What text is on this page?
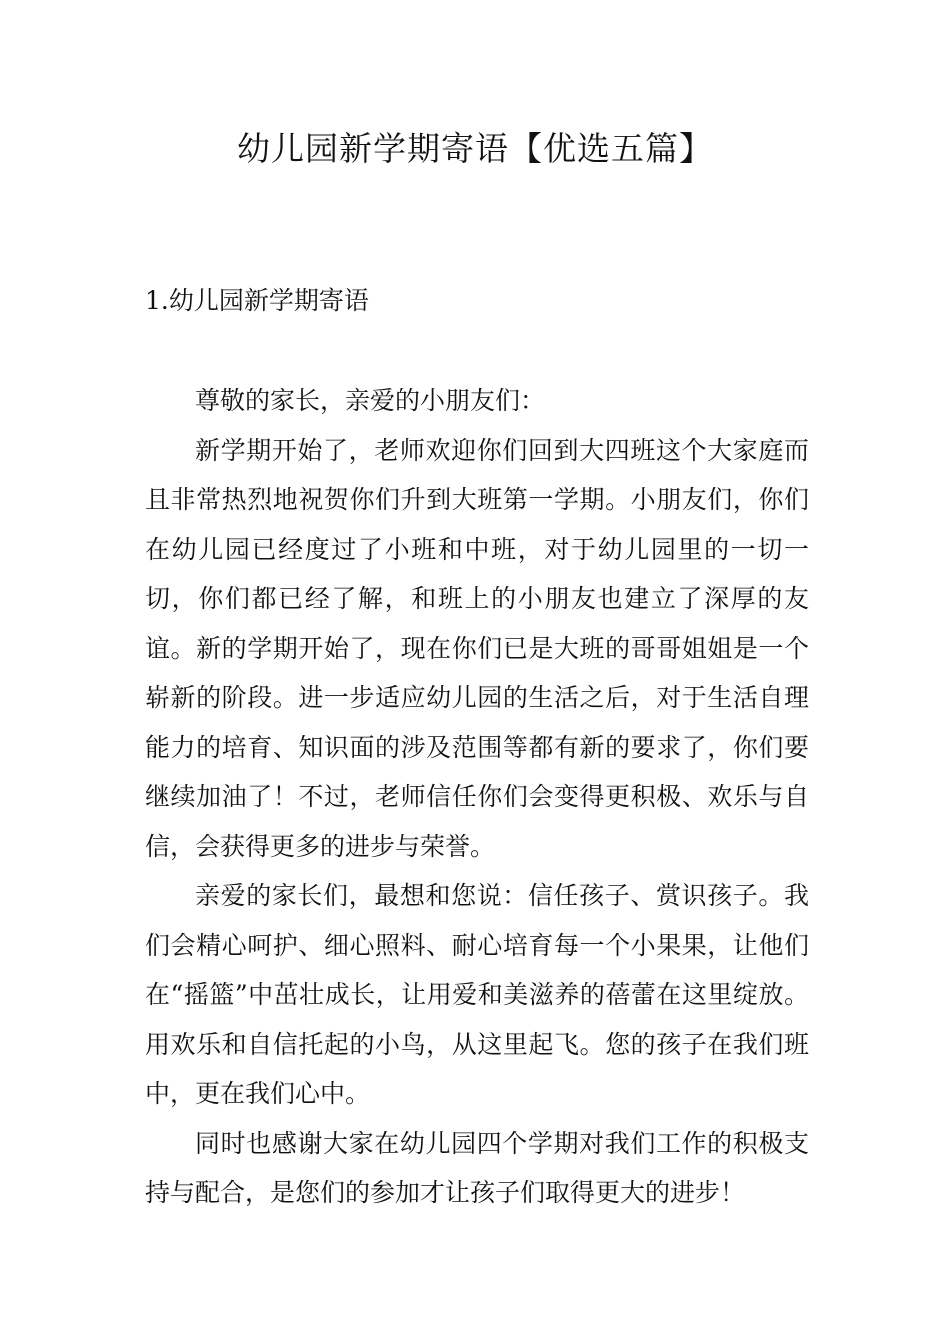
幼儿园新学期寄语【优选五篇】
1.幼儿园新学期寄语

尊敬的家长，亲爱的小朋友们：

新学期开始了，老师欢迎你们回到大四班这个大家庭而且非常热烈地祝贺你们升到大班第一学期。小朋友们，你们在幼儿园已经度过了小班和中班，对于幼儿园里的一切一切，你们都已经了解，和班上的小朋友也建立了深厚的友谊。新的学期开始了，现在你们已是大班的哥哥姐姐是一个崭新的阶段。进一步适应幼儿园的生活之后，对于生活自理能力的培育、知识面的涉及范围等都有新的要求了，你们要继续加油了！不过，老师信任你们会变得更积极、欢乐与自信，会获得更多的进步与荣誉。

亲爱的家长们，最想和您说：信任孩子、赏识孩子。我们会精心呵护、细心照料、耐心培育每一个小果果，让他们在“摇篮”中茁壮成长，让用爱和美滋养的蓓蕾在这里绽放。用欢乐和自信托起的小鸟，从这里起飞。您的孩子在我们班中，更在我们心中。

同时也感谢大家在幼儿园四个学期对我们工作的积极支持与配合，是您们的参加才让孩子们取得更大的进步！
